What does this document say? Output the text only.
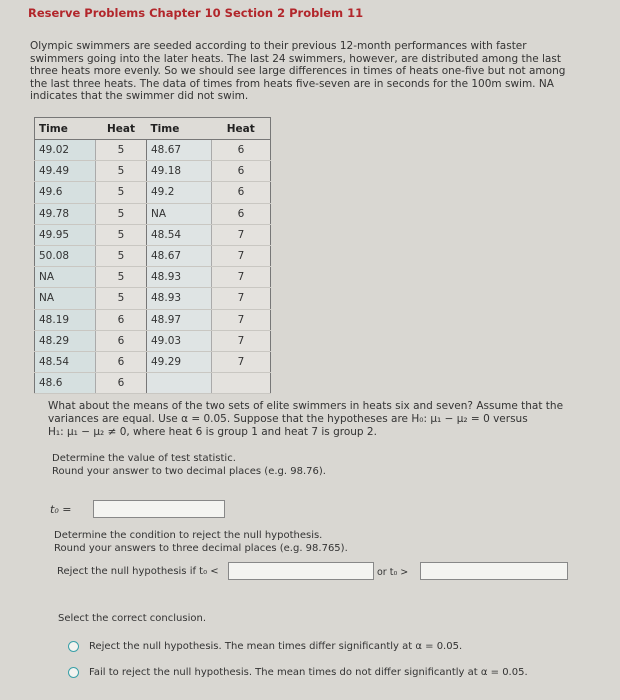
Reserve Problems Chapter 10 Section 2 Problem 11
Olympic swimmers are seeded according to their previous 12-month performances with faster swimmers going into the later heats. The last 24 swimmers, however, are distributed among the last three heats more evenly. So we should see large differences in times of heats one-five but not among the last three heats. The data of times from heats five-seven are in seconds for the 100m swim. NA indicates that the swimmer did not swim.
Time	Heat	Time	Heat
49.02	5	48.67	6
49.49	5	49.18	6
49.6	5	49.2	6
49.78	5	NA	6
49.95	5	48.54	7
50.08	5	48.67	7
NA	5	48.93	7
NA	5	48.93	7
48.19	6	48.97	7
48.29	6	49.03	7
48.54	6	49.29	7
48.6	6		
What about the means of the two sets of elite swimmers in heats six and seven? Assume that the
variances are equal. Use α = 0.05. Suppose that the hypotheses are H₀: μ₁ − μ₂ = 0 versus
H₁: μ₁ − μ₂ ≠ 0, where heat 6 is group 1 and heat 7 is group 2.
Determine the value of test statistic.
Round your answer to two decimal places (e.g. 98.76).
t₀ =
Determine the condition to reject the null hypothesis.
Round your answers to three decimal places (e.g. 98.765).
Reject the null hypothesis if t₀ <	or t₀ >
Select the correct conclusion.
Reject the null hypothesis. The mean times differ significantly at α = 0.05.
Fail to reject the null hypothesis. The mean times do not differ significantly at α = 0.05.
